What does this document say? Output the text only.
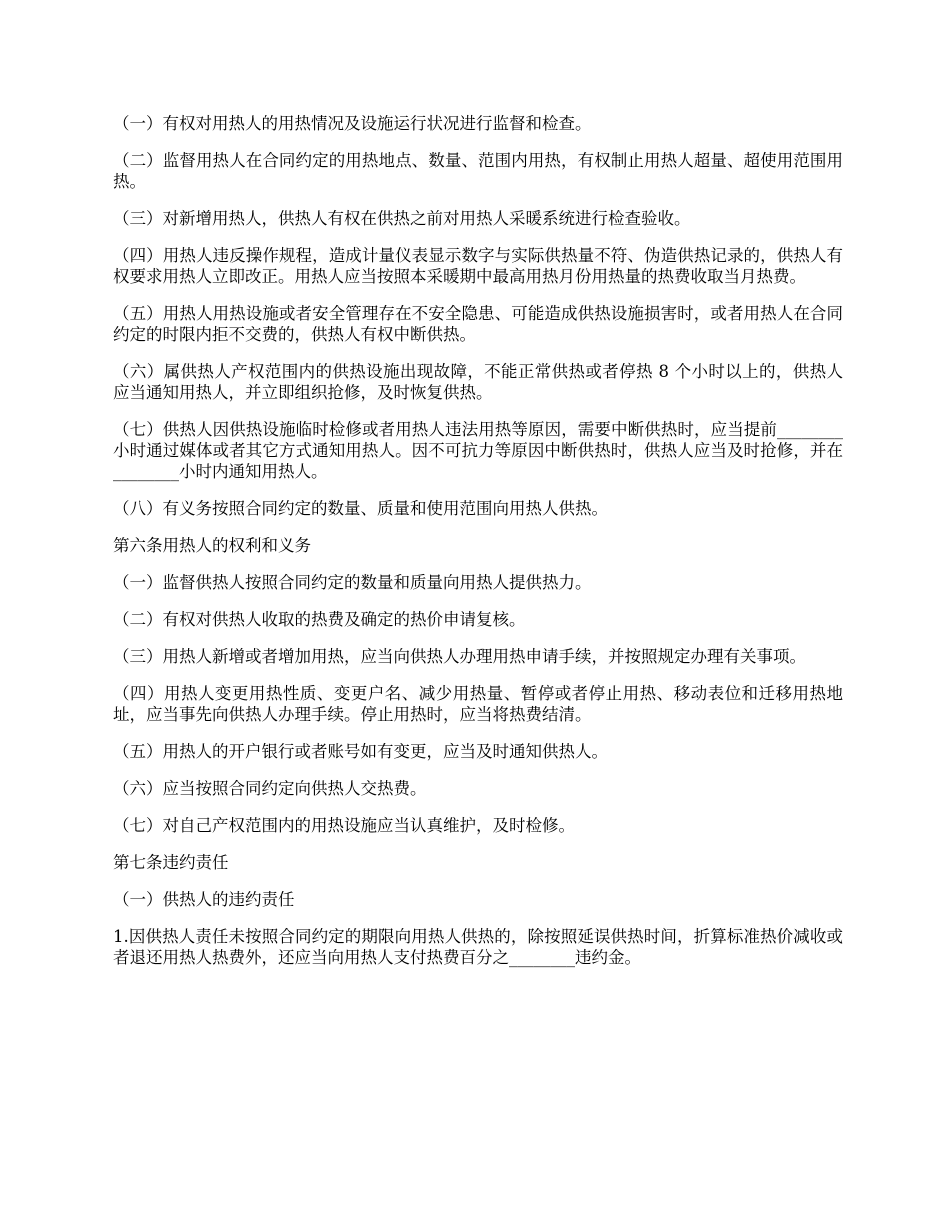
（一）有权对用热人的用热情况及设施运行状况进行监督和检查。

（二）监督用热人在合同约定的用热地点、数量、范围内用热，有权制止用热人超量、超使用范围用热。

（三）对新增用热人，供热人有权在供热之前对用热人采暖系统进行检查验收。

（四）用热人违反操作规程，造成计量仪表显示数字与实际供热量不符、伪造供热记录的，供热人有权要求用热人立即改正。用热人应当按照本采暖期中最高用热月份用热量的热费收取当月热费。

（五）用热人用热设施或者安全管理存在不安全隐患、可能造成供热设施损害时，或者用热人在合同约定的时限内拒不交费的，供热人有权中断供热。

（六）属供热人产权范围内的供热设施出现故障，不能正常供热或者停热 8 个小时以上的，供热人应当通知用热人，并立即组织抢修，及时恢复供热。

（七）供热人因供热设施临时检修或者用热人违法用热等原因，需要中断供热时，应当提前________小时通过媒体或者其它方式通知用热人。因不可抗力等原因中断供热时，供热人应当及时抢修，并在________小时内通知用热人。

（八）有义务按照合同约定的数量、质量和使用范围向用热人供热。

第六条用热人的权利和义务

（一）监督供热人按照合同约定的数量和质量向用热人提供热力。

（二）有权对供热人收取的热费及确定的热价申请复核。

（三）用热人新增或者增加用热，应当向供热人办理用热申请手续，并按照规定办理有关事项。

（四）用热人变更用热性质、变更户名、减少用热量、暂停或者停止用热、移动表位和迁移用热地址，应当事先向供热人办理手续。停止用热时，应当将热费结清。

（五）用热人的开户银行或者账号如有变更，应当及时通知供热人。

（六）应当按照合同约定向供热人交热费。

（七）对自己产权范围内的用热设施应当认真维护，及时检修。

第七条违约责任

（一）供热人的违约责任

1.因供热人责任未按照合同约定的期限向用热人供热的，除按照延误供热时间，折算标准热价减收或者退还用热人热费外，还应当向用热人支付热费百分之________违约金。
